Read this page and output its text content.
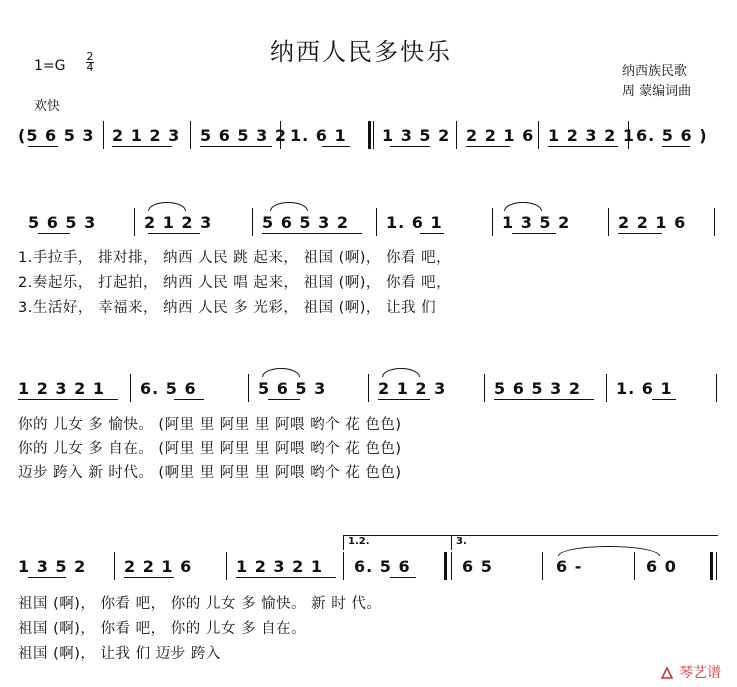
纳西人民多快乐
1=G
2
4
欢快
纳西族民歌
周 蒙编词曲
(5 6 5 3 2 1 2 3 5 6 5 3 2 1. 6 1 1 3 5 2 2 2 1 6 1 2 3 2 1 6. 5 6 )
5 6 5 3	2 1 2 3	5 6 5 3 2 1. 6 1	1 3 5 2	2 2 1 6
1.手拉手， 排对排， 纳西 人民 跳 起来， 祖国 (啊)， 你看 吧，
2.奏起乐， 打起拍， 纳西 人民 唱 起来， 祖国 (啊)， 你看 吧，
3.生活好， 幸福来， 纳西 人民 多 光彩， 祖国 (啊)， 让我 们
1 2 3 2 1 6. 5 6	5 6 5 3	2 1 2 3	5 6 5 3 2 1. 6 1
你的 儿女 多 愉快。 (阿里 里 阿里 里 阿喂 哟个 花 色色)
你的 儿女 多 自在。 (阿里 里 阿里 里 阿喂 哟个 花 色色)
迈步 跨入 新 时代。 (啊里 里 阿里 里 阿喂 哟个 花 色色)
1.2.	3.
1 3 5 2 2 2 1 6	1 2 3 2 1 6. 5 6	6 5	6 -	6 0
祖国 (啊)， 你看 吧， 你的 儿女 多 愉快。 新 时 代。
祖国 (啊)， 你看 吧， 你的 儿女 多 自在。
祖国 (啊)， 让我 们 迈步 跨入
琴艺谱
